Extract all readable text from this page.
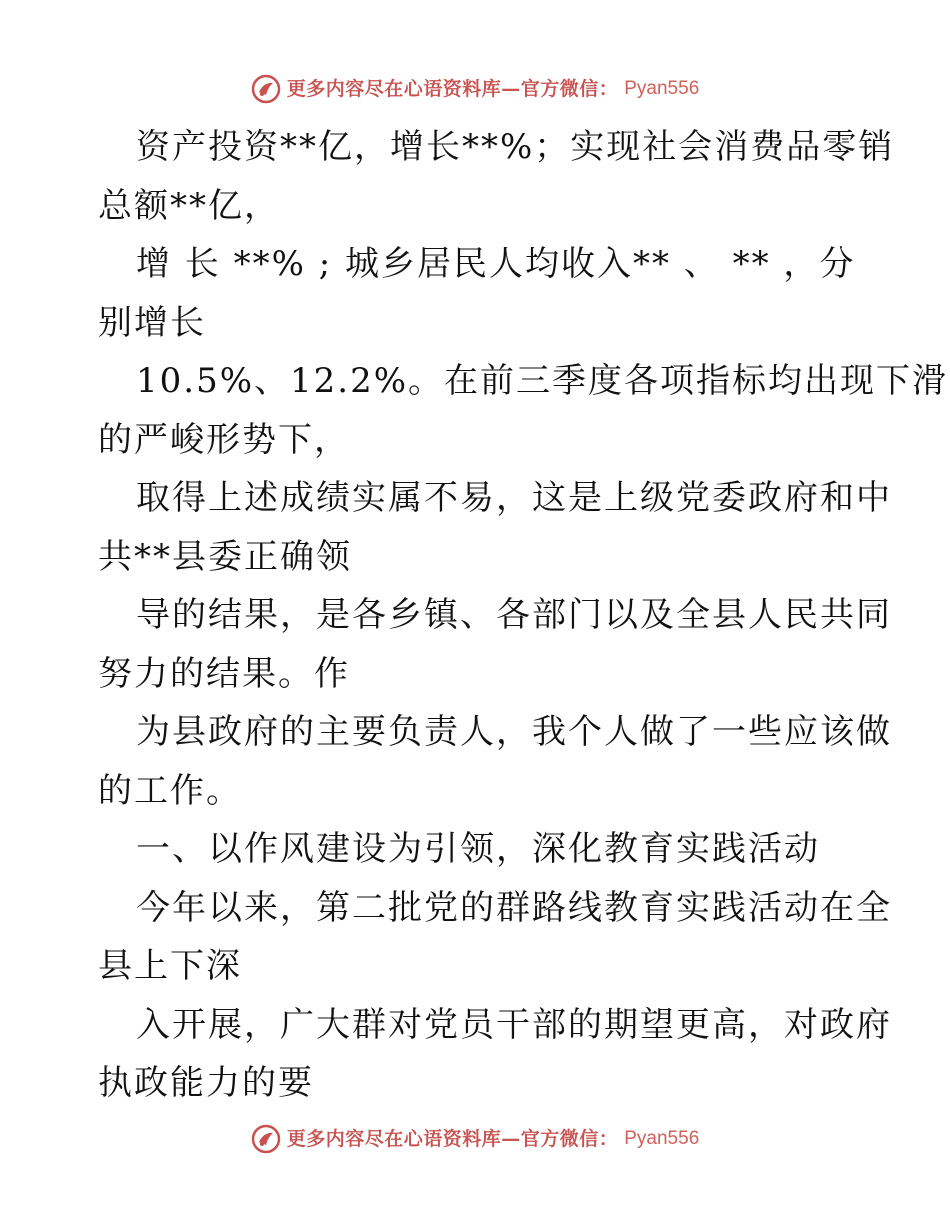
更多内容尽在心语资料库—官方微信： Pyan556
资产投资**亿，增长**%；实现社会消费品零销
总额**亿，
增 长 **% ; 城乡居民人均收入** 、 ** ，分
别增长
10.5%、12.2%。在前三季度各项指标均出现下滑
的严峻形势下，
取得上述成绩实属不易，这是上级党委政府和中
共**县委正确领
导的结果，是各乡镇、各部门以及全县人民共同
努力的结果。作
为县政府的主要负责人，我个人做了一些应该做
的工作。
一、以作风建设为引领，深化教育实践活动
今年以来，第二批党的群路线教育实践活动在全
县上下深
入开展，广大群对党员干部的期望更高，对政府
执政能力的要
更多内容尽在心语资料库—官方微信： Pyan556
